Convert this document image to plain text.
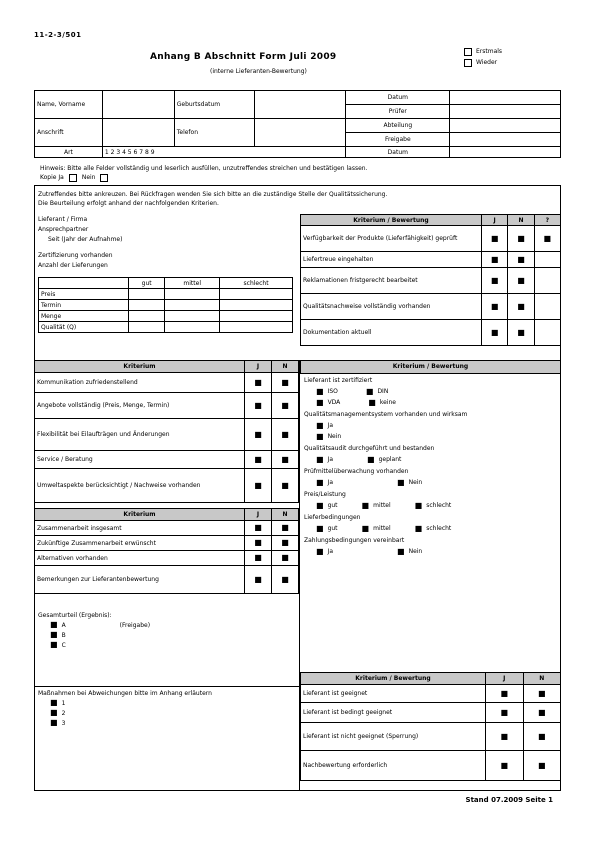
11-2-3/501
Anhang B Abschnitt Form Juli 2009
(interne Lieferanten-Bewertung)
Erstmals
Wieder
Name, Vorname		Geburtsdatum		Datum	
				Prüfer	
Anschrift		Telefon		Abteilung	
				Freigabe	
Art	1 2 3 4 5 6 7 8 9			Datum	
Hinweis: Bitte alle Felder vollständig und leserlich ausfüllen, unzutreffendes streichen und bestätigen lassen.
Kopie Ja	Nein
Zutreffendes bitte ankreuzen. Bei Rückfragen wenden Sie sich bitte an die zuständige Stelle der Qualitätssicherung.
Die Beurteilung erfolgt anhand der nachfolgenden Kriterien.
Lieferant / Firma
Ansprechpartner
Seit (Jahr der Aufnahme)
Zertifizierung vorhanden
Anzahl der Lieferungen
	gut	mittel	schlecht
Preis			
Termin			
Menge			
Qualität (Q)			
Kriterium / Bewertung	J	N	?
Verfügbarkeit der Produkte (Lieferfähigkeit) geprüft	■	■	■
Liefertreue eingehalten	■	■	
Reklamationen fristgerecht bearbeitet	■	■	
Qualitätsnachweise vollständig vorhanden	■	■	
Dokumentation aktuell	■	■	
Kriterium	J	N
Kommunikation zufriedenstellend	■	■
Angebote vollständig (Preis, Menge, Termin)	■	■
Flexibilität bei Eilaufträgen und Änderungen	■	■
Service / Beratung	■	■
Umweltaspekte berücksichtigt / Nachweise vorhanden	■	■
Kriterium	J	N
Zusammenarbeit insgesamt	■	■
Zukünftige Zusammenarbeit erwünscht	■	■
Alternativen vorhanden	■	■
Bemerkungen zur Lieferantenbewertung	■	■
Gesamturteil (Ergebnis):
■ A	(Freigabe)
■ B
■ C
Maßnahmen bei Abweichungen bitte im Anhang erläutern
■ 1
■ 2
■ 3
Kriterium / Bewertung
Lieferant ist zertifiziert
■ ISO	■ DIN
■ VDA	■ keine
Qualitätsmanagementsystem vorhanden und wirksam
■ Ja
■ Nein
Qualitätsaudit durchgeführt und bestanden
■ Ja	■ geplant
Prüfmittelüberwachung vorhanden
■ Ja	■ Nein
Preis/Leistung
■ gut	■ mittel	■ schlecht
Lieferbedingungen
■ gut	■ mittel	■ schlecht
Zahlungsbedingungen vereinbart
■ Ja	■ Nein
Kriterium / Bewertung	J	N
Lieferant ist geeignet	■	■
Lieferant ist bedingt geeignet	■	■
Lieferant ist nicht geeignet (Sperrung)	■	■
Nachbewertung erforderlich	■	■
Stand 07.2009 Seite 1
